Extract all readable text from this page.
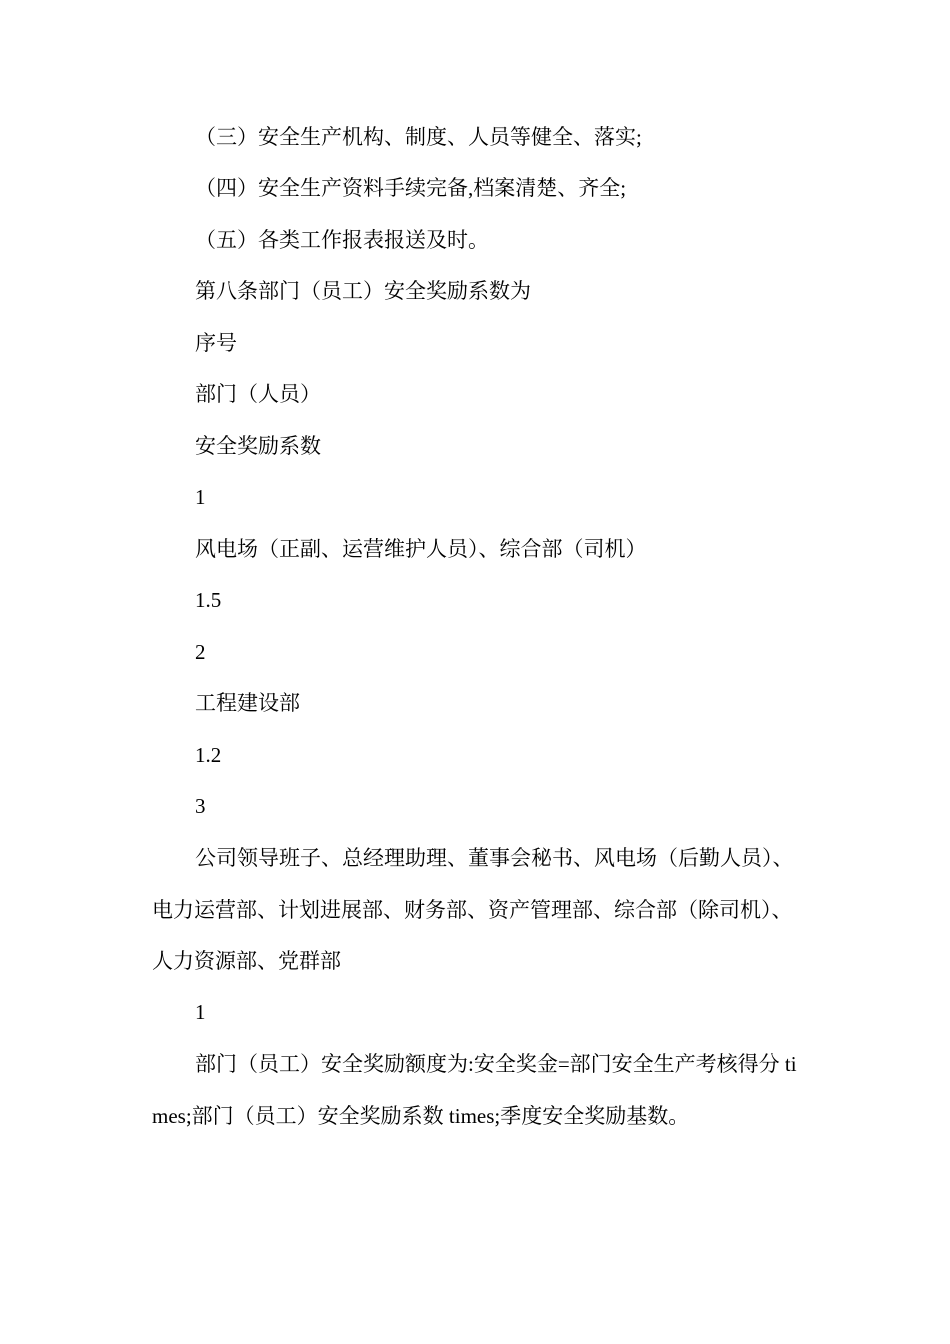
（三）安全生产机构、制度、人员等健全、落实;

（四）安全生产资料手续完备,档案清楚、齐全;

（五）各类工作报表报送及时。

第八条部门（员工）安全奖励系数为

序号

部门（人员）

安全奖励系数

1

风电场（正副、运营维护人员）、综合部（司机）

1.5

2

工程建设部

1.2

3

公司领导班子、总经理助理、董事会秘书、风电场（后勤人员）、电力运营部、计划进展部、财务部、资产管理部、综合部（除司机）、人力资源部、党群部

1

部门（员工）安全奖励额度为:安全奖金=部门安全生产考核得分 times;部门（员工）安全奖励系数 times;季度安全奖励基数。
